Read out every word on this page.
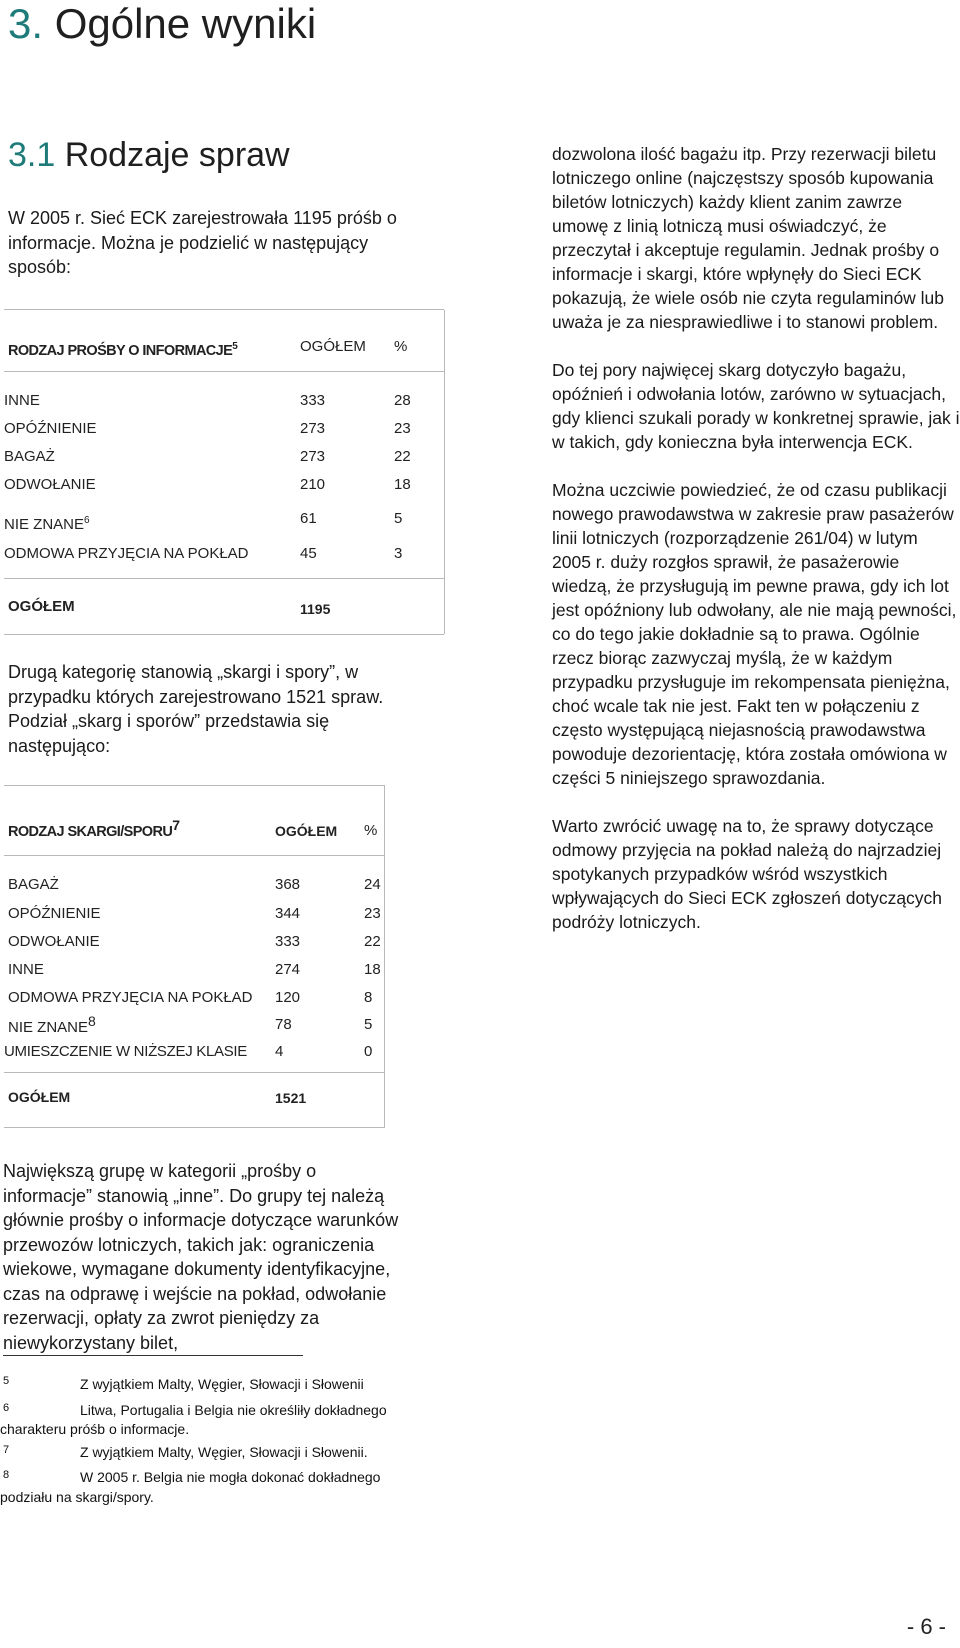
3. Ogólne wyniki
3.1 Rodzaje spraw

W 2005 r. Sieć ECK zarejestrowała 1195 próśb o informacje. Można je podzielić w następujący sposób:

RODZAJ PROŚBY O INFORMACJE$^5$	OGÓŁEM %
INNE	333	28
OPÓŹNIENIE	273	23
BAGAŻ	273	22
ODWOŁANIE	210	18
NIE ZNANE$^6$	61	5
ODMOWA PRZYJĘCIA NA POKŁAD	45	3
OGÓŁEM	1195

Drugą kategorię stanowią „skargi i spory”, w przypadku których zarejestrowano 1521 spraw. Podział „skarg i sporów” przedstawia się następująco:

RODZAJ SKARGI/SPORU7	OGÓŁEM %
BAGAŻ	368	24
OPÓŹNIENIE	344	23
ODWOŁANIE	333	22
INNE	274	18
ODMOWA PRZYJĘCIA NA POKŁAD 120	8
NIE ZNANE8	78	5
UMIESZCZENIE W NIŻSZEJ KLASIE 4	0
OGÓŁEM	1521

Największą grupę w kategorii „prośby o informacje” stanowią „inne”. Do grupy tej należą głównie prośby o informacje dotyczące warunków przewozów lotniczych, takich jak: ograniczenia wiekowe, wymagane dokumenty identyfikacyjne, czas na odprawę i wejście na pokład, odwołanie rezerwacji, opłaty za zwrot pieniędzy za niewykorzystany bilet,

dozwolona ilość bagażu itp. Przy rezerwacji biletu lotniczego online (najczęstszy sposób kupowania biletów lotniczych) każdy klient zanim zawrze umowę z linią lotniczą musi oświadczyć, że przeczytał i akceptuje regulamin. Jednak prośby o informacje i skargi, które wpłynęły do Sieci ECK pokazują, że wiele osób nie czyta regulaminów lub uważa je za niesprawiedliwe i to stanowi problem.

Do tej pory najwięcej skarg dotyczyło bagażu, opóźnień i odwołania lotów, zarówno w sytuacjach, gdy klienci szukali porady w konkretnej sprawie, jak i w takich, gdy konieczna była interwencja ECK.

Można uczciwie powiedzieć, że od czasu publikacji nowego prawodawstwa w zakresie praw pasażerów linii lotniczych (rozporządzenie 261/04) w lutym 2005 r. duży rozgłos sprawił, że pasażerowie wiedzą, że przysługują im pewne prawa, gdy ich lot jest opóźniony lub odwołany, ale nie mają pewności, co do tego jakie dokładnie są to prawa. Ogólnie rzecz biorąc zazwyczaj myślą, że w każdym przypadku przysługuje im rekompensata pieniężna, choć wcale tak nie jest. Fakt ten w połączeniu z często występującą niejasnością prawodawstwa powoduje dezorientację, która została omówiona w części 5 niniejszego sprawozdania.

Warto zwrócić uwagę na to, że sprawy dotyczące odmowy przyjęcia na pokład należą do najrzadziej spotykanych przypadków wśród wszystkich wpływających do Sieci ECK zgłoszeń dotyczących podróży lotniczych.

5	Z wyjątkiem Malty, Węgier, Słowacji i Słowenii
6	Litwa, Portugalia i Belgia nie określiły dokładnego
charakteru próśb o informacje.
7	Z wyjątkiem Malty, Węgier, Słowacji i Słowenii.
8	W 2005 r. Belgia nie mogła dokonać dokładnego
podziału na skargi/spory.
- 6 -
